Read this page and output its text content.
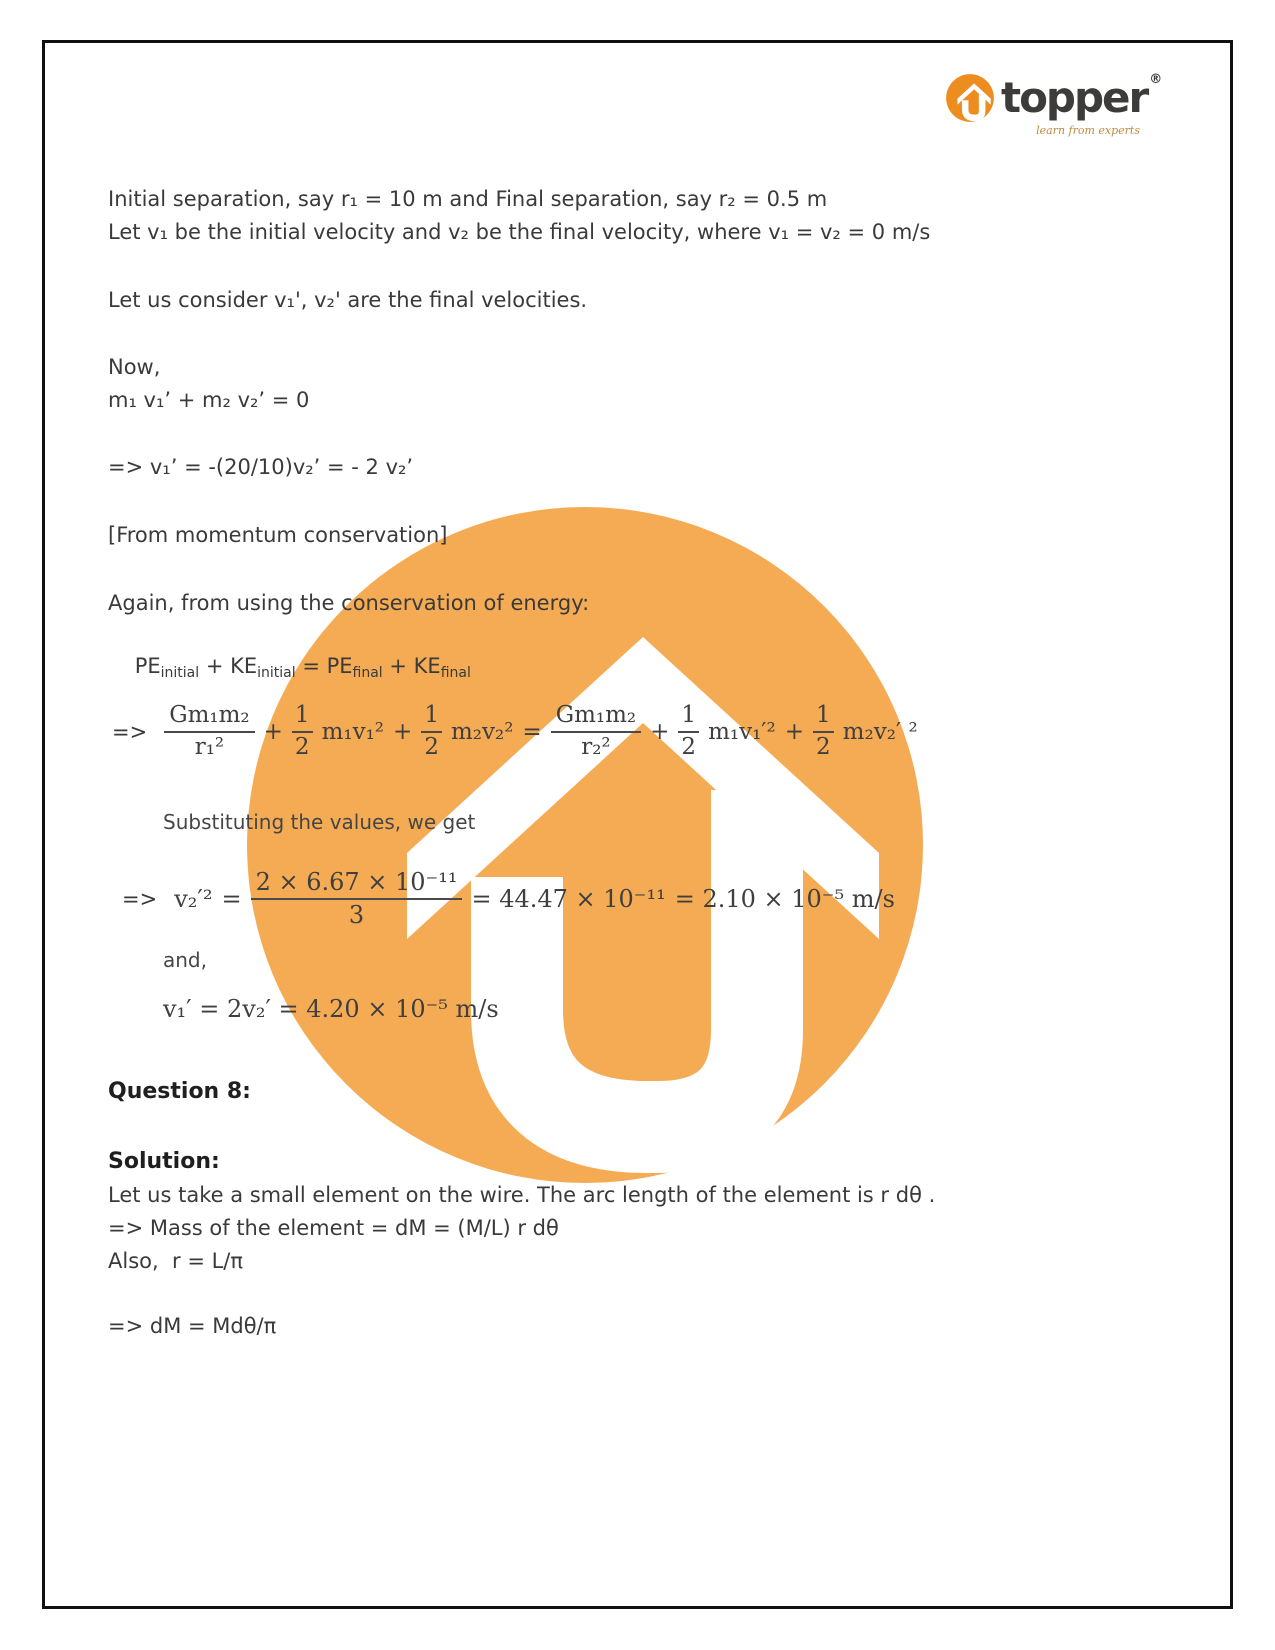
topper ®
learn from experts
Initial separation, say r₁ = 10 m and Final separation, say r₂ = 0.5 m
Let v₁ be the initial velocity and v₂ be the final velocity, where v₁ = v₂ = 0 m/s
Let us consider v₁', v₂' are the final velocities.
Now,
m₁ v₁’ + m₂ v₂’ = 0
=> v₁’ = -(20/10)v₂’ = - 2 v₂’
[From momentum conservation]
Again, from using the conservation of energy:

PEinitial + KEinitial = PEfinal + KEfinal

=> $\frac{\text{Gm₁m₂}}{\text{r₁²}} + \frac{1}{2} m_1v_1^2 + \frac{1}{2} m_2v_2^2 = \frac{\text{Gm₁m₂}}{\text{r₂²}} + \frac{1}{2} m_1v_1'^2 + \frac{1}{2} m_2v_2'$ ²
Substituting the values, we get
=> $v_2'^2 = \frac{\text{2 × 6.67 × 10⁻¹¹}}{3} = 44.47 \times 10^{-11} = 2.10 \times 10^{-5}$ m/s
and,
v₁′ = 2v₂′ = 4.20 × 10⁻⁵ m/s
Question 8:
Solution:
Let us take a small element on the wire. The arc length of the element is r dθ .
=> Mass of the element = dM = (M/L) r dθ
Also,  r = L/π
=> dM = Mdθ/π
